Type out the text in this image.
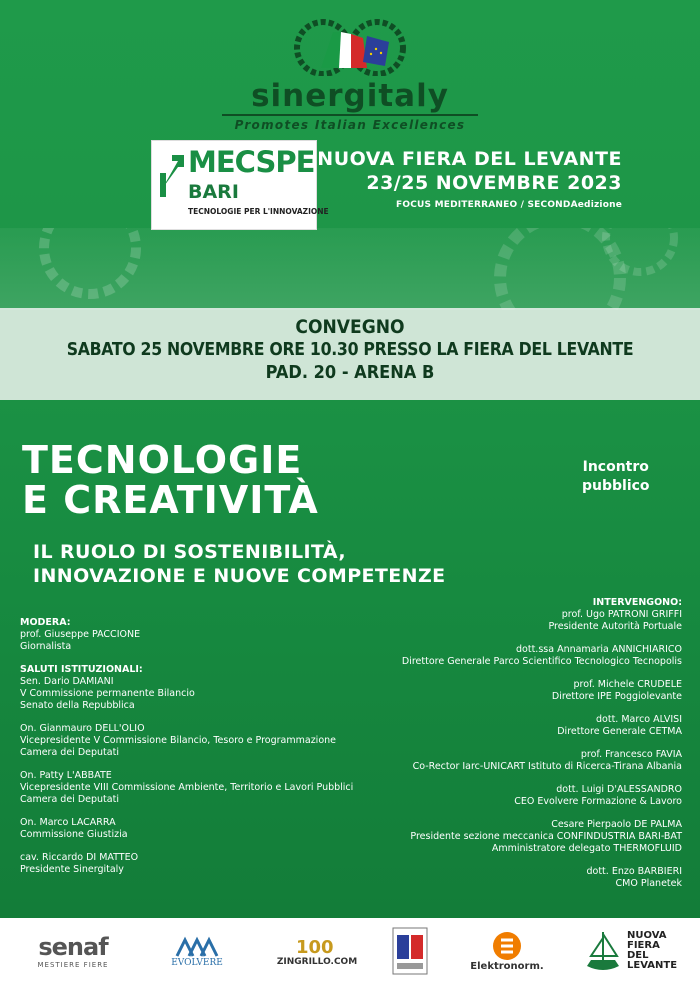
sinergitaly
Promotes Italian Excellences
MECSPE
BARI
TECNOLOGIE PER L'INNOVAZIONE
NUOVA FIERA DEL LEVANTE
23/25 NOVEMBRE 2023
FOCUS MEDITERRANEO / SECONDAedizione
CONVEGNO
SABATO 25 NOVEMBRE ORE 10.30 PRESSO LA FIERA DEL LEVANTE
PAD. 20 - ARENA B
TECNOLOGIE
E CREATIVITÀ
IL RUOLO DI SOSTENIBILITÀ,
INNOVAZIONE E NUOVE COMPETENZE
Incontro
pubblico
MODERA:
prof. Giuseppe PACCIONE
Giornalista
SALUTI ISTITUZIONALI:
Sen. Dario DAMIANI
V Commissione permanente Bilancio
Senato della Repubblica
On. Gianmauro DELL'OLIO
Vicepresidente V Commissione Bilancio, Tesoro e Programmazione
Camera dei Deputati
On. Patty L'ABBATE
Vicepresidente VIII Commissione Ambiente, Territorio e Lavori Pubblici
Camera dei Deputati
On. Marco LACARRA
Commissione Giustizia
cav. Riccardo DI MATTEO
Presidente Sinergitaly
INTERVENGONO:
prof. Ugo PATRONI GRIFFI
Presidente Autorità Portuale
dott.ssa Annamaria ANNICHIARICO
Direttore Generale Parco Scientifico Tecnologico Tecnopolis
prof. Michele CRUDELE
Direttore IPE Poggiolevante
dott. Marco ALVISI
Direttore Generale CETMA
prof. Francesco FAVIA
Co-Rector Iarc-UNICART Istituto di Ricerca-Tirana Albania
dott. Luigi D'ALESSANDRO
CEO Evolvere Formazione & Lavoro
Cesare Pierpaolo DE PALMA
Presidente sezione meccanica CONFINDUSTRIA BARI-BAT
Amministratore delegato THERMOFLUID
dott. Enzo BARBIERI
CMO Planetek
senaf
MESTIERE FIERE	EVOLVERE
100
ZINGRILLO.COM	Elektronorm.
NUOVA FIERA DEL LEVANTE
